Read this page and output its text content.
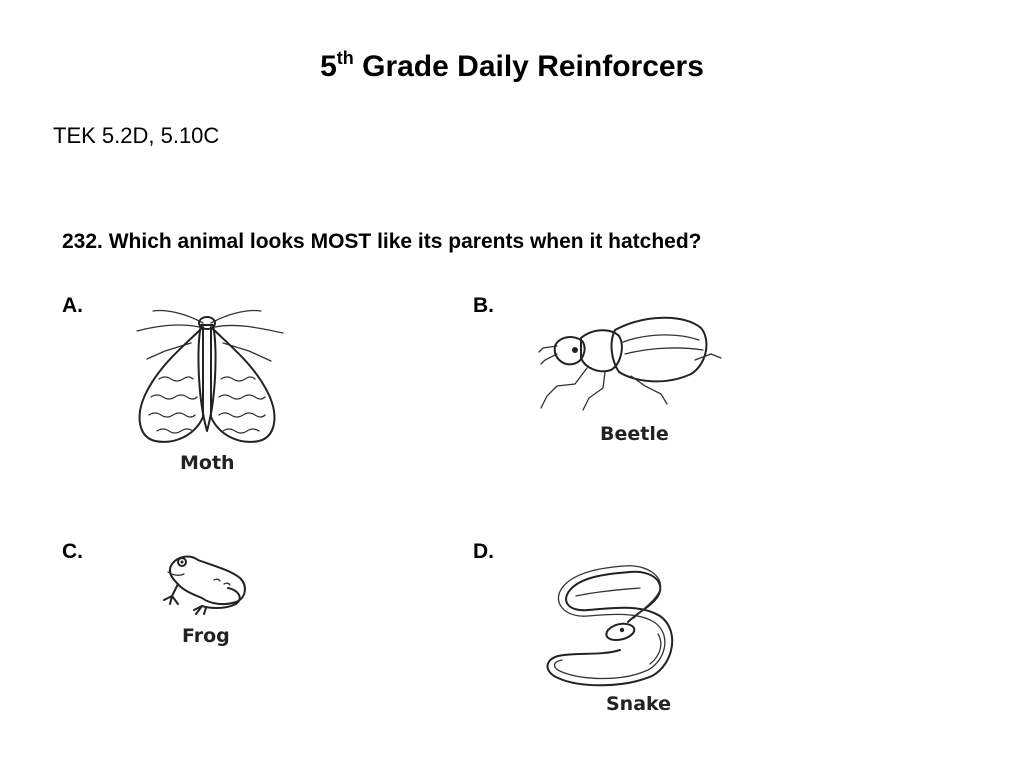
5th Grade Daily Reinforcers
TEK 5.2D, 5.10C
232. Which animal looks MOST like its parents when it hatched?
A.
Moth
B.
Beetle
C.
Frog
D.
Snake
